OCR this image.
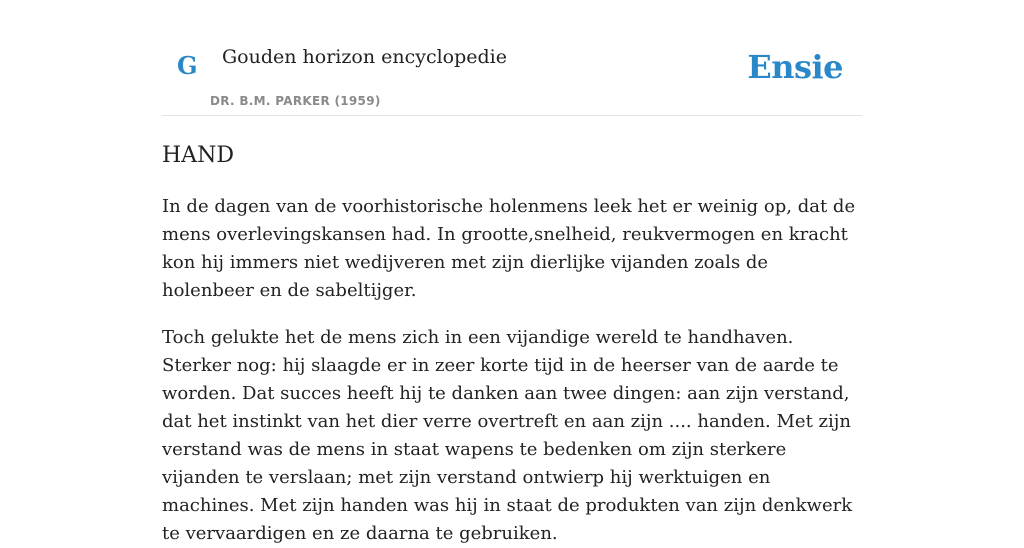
G Gouden horizon encyclopedie
DR. B.M. PARKER (1959)
Ensie
HAND

In de dagen van de voorhistorische holenmens leek het er weinig op, dat de mens overlevingskansen had. In grootte,snelheid, reukvermogen en kracht kon hij immers niet wedijveren met zijn dierlijke vijanden zoals de holenbeer en de sabeltijger.

Toch gelukte het de mens zich in een vijandige wereld te handhaven. Sterker nog: hij slaagde er in zeer korte tijd in de heerser van de aarde te worden. Dat succes heeft hij te danken aan twee dingen: aan zijn verstand, dat het instinkt van het dier verre overtreft en aan zijn .... handen. Met zijn verstand was de mens in staat wapens te bedenken om zijn sterkere vijanden te verslaan; met zijn verstand ontwierp hij werktuigen en machines. Met zijn handen was hij in staat de produkten van zijn denkwerk te vervaardigen en ze daarna te gebruiken.
